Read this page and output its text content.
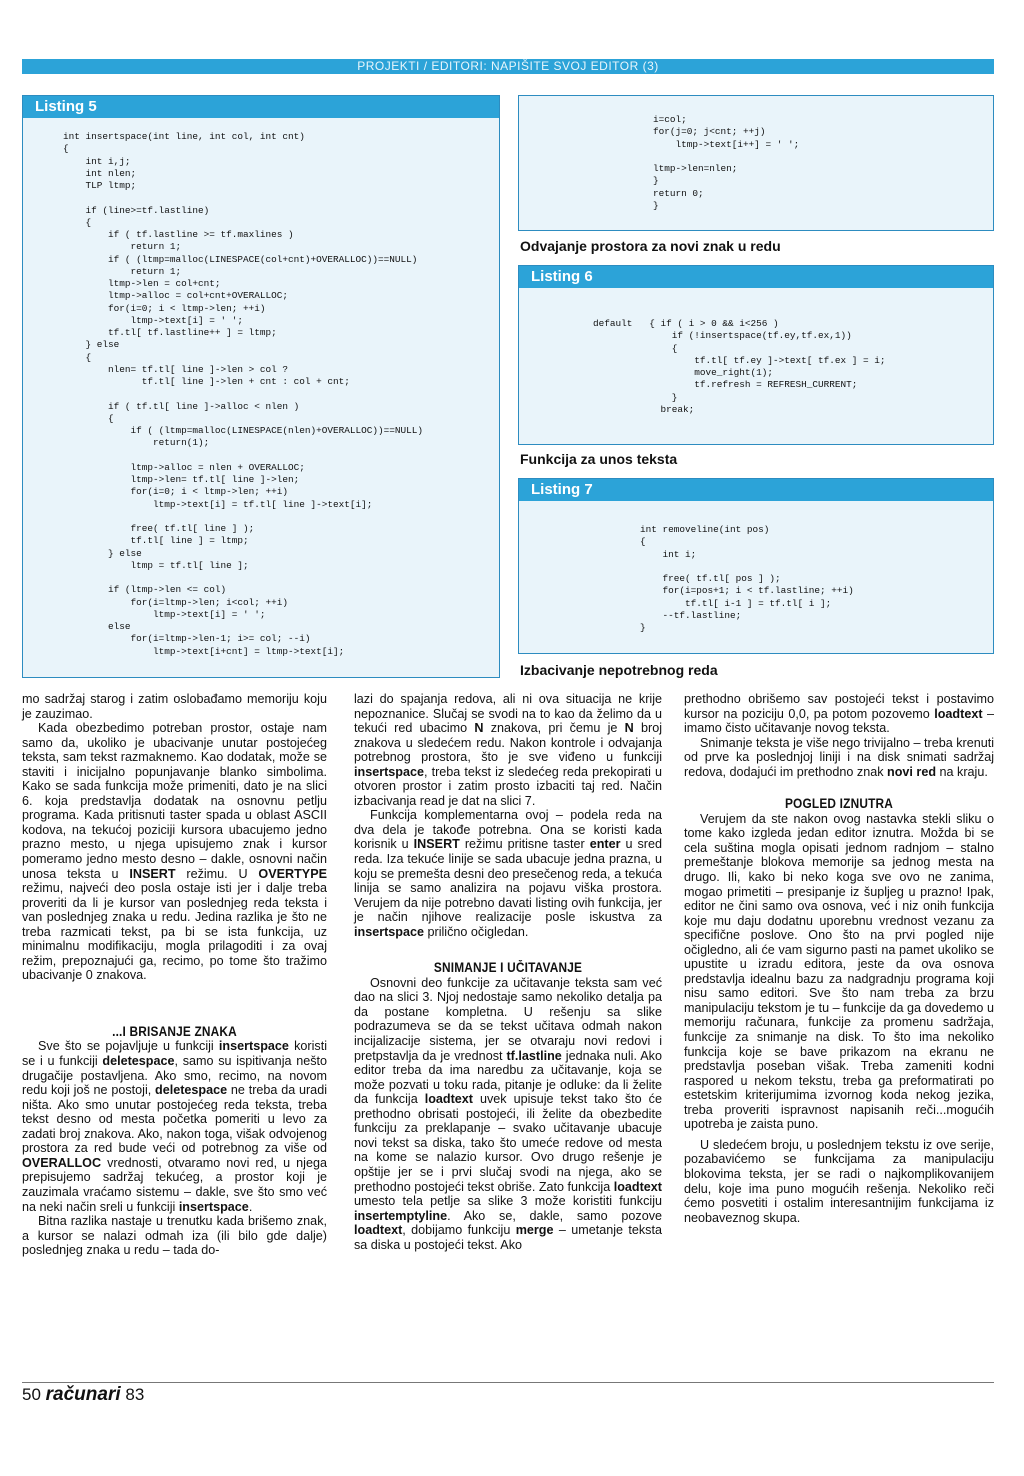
PROJEKTI / EDITORI: NAPIŠITE SVOJ EDITOR (3)
Listing 5
int insertspace(int line, int col, int cnt)
{
int i,j;
int nlen;
TLP ltmp;

if (line>=tf.lastline)
{
if ( tf.lastline >= tf.maxlines )
return 1;
if ( (ltmp=malloc(LINESPACE(col+cnt)+OVERALLOC))==NULL)
return 1;
ltmp->len = col+cnt;
ltmp->alloc = col+cnt+OVERALLOC;
for(i=0; i < ltmp->len; ++i)
ltmp->text[i] = ' ';
tf.tl[ tf.lastline++ ] = ltmp;
} else
{
nlen= tf.tl[ line ]->len > col ?
tf.tl[ line ]->len + cnt : col + cnt;

if ( tf.tl[ line ]->alloc < nlen )
{
if ( (ltmp=malloc(LINESPACE(nlen)+OVERALLOC))==NULL)
return(1);

ltmp->alloc = nlen + OVERALLOC;
ltmp->len= tf.tl[ line ]->len;
for(i=0; i < ltmp->len; ++i)
ltmp->text[i] = tf.tl[ line ]->text[i];

free( tf.tl[ line ] );
tf.tl[ line ] = ltmp;
} else
ltmp = tf.tl[ line ];

if (ltmp->len <= col)
for(i=ltmp->len; i<col; ++i)
ltmp->text[i] = ' ';
else
for(i=ltmp->len-1; i>= col; --i)
ltmp->text[i+cnt] = ltmp->text[i];
i=col;
for(j=0; j<cnt; ++j)
ltmp->text[i++] = ' ';

ltmp->len=nlen;
}
return 0;
}
Odvajanje prostora za novi znak u redu
Listing 6
default   { if ( i > 0 && i<256 )
if (!insertspace(tf.ey,tf.ex,1))
{
tf.tl[ tf.ey ]->text[ tf.ex ] = i;
move_right(1);
tf.refresh = REFRESH_CURRENT;
}
break;
Funkcija za unos teksta
Listing 7
int removeline(int pos)
{
int i;

free( tf.tl[ pos ] );
for(i=pos+1; i < tf.lastline; ++i)
tf.tl[ i-1 ] = tf.tl[ i ];
--tf.lastline;
}
Izbacivanje nepotrebnog reda

mo sadržaj starog i zatim oslobađamo memoriju koju je zauzimao.

Kada obezbedimo potreban prostor, ostaje nam samo da, ukoliko je ubacivanje unutar postojećeg teksta, sam tekst razmaknemo. Kao dodatak, može se staviti i inicijalno popunjavanje blanko simbolima. Kako se sada funkcija može primeniti, dato je na slici 6. koja predstavlja dodatak na osnovnu petlju programa. Kada pritisnuti taster spada u oblast ASCII kodova, na tekućoj poziciji kursora ubacujemo jedno prazno mesto, u njega upisujemo znak i kursor pomeramo jedno mesto desno – dakle, osnovni način unosa teksta u INSERT režimu. U OVERTYPE režimu, najveći deo posla ostaje isti jer i dalje treba proveriti da li je kursor van poslednjeg reda teksta i van poslednjeg znaka u redu. Jedina razlika je što ne treba razmicati tekst, pa bi se ista funkcija, uz minimalnu modifikaciju, mogla prilagoditi i za ovaj režim, prepoznajući ga, recimo, po tome što tražimo ubacivanje 0 znakova.

...I BRISANJE ZNAKA

Sve što se pojavljuje u funkciji insertspace koristi se i u funkciji deletespace, samo su ispitivanja nešto drugačije postavljena. Ako smo, recimo, na novom redu koji još ne postoji, deletespace ne treba da uradi ništa. Ako smo unutar postojećeg reda teksta, treba tekst desno od mesta početka pomeriti u levo za zadati broj znakova. Ako, nakon toga, višak odvojenog prostora za red bude veći od potrebnog za više od OVERALLOC vrednosti, otvaramo novi red, u njega prepisujemo sadržaj tekućeg, a prostor koji je zauzimala vraćamo sistemu – dakle, sve što smo već na neki način sreli u funkciji insertspace.

Bitna razlika nastaje u trenutku kada brišemo znak, a kursor se nalazi odmah iza (ili bilo gde dalje) poslednjeg znaka u redu – tada do-

lazi do spajanja redova, ali ni ova situacija ne krije nepoznanice. Slučaj se svodi na to kao da želimo da u tekući red ubacimo N znakova, pri čemu je N broj znakova u sledećem redu. Nakon kontrole i odvajanja potrebnog prostora, što je sve viđeno u funkciji insertspace, treba tekst iz sledećeg reda prekopirati u otvoren prostor i zatim prosto izbaciti taj red. Način izbacivanja read je dat na slici 7.

Funkcija komplementarna ovoj – podela reda na dva dela je takođe potrebna. Ona se koristi kada korisnik u INSERT režimu pritisne taster enter u sred reda. Iza tekuće linije se sada ubacuje jedna prazna, u koju se premešta desni deo presečenog reda, a tekuća linija se samo analizira na pojavu viška prostora. Verujem da nije potrebno davati listing ovih funkcija, jer je način njihove realizacije posle iskustva za insertspace prilično očigledan.

SNIMANJE I UČITAVANJE

Osnovni deo funkcije za učitavanje teksta sam već dao na slici 3. Njoj nedostaje samo nekoliko detalja pa da postane kompletna. U rešenju sa slike podrazumeva se da se tekst učitava odmah nakon incijalizacije sistema, jer se otvaraju novi redovi i pretpstavlja da je vrednost tf.lastline jednaka nuli. Ako editor treba da ima naredbu za učitavanje, koja se može pozvati u toku rada, pitanje je odluke: da li želite da funkcija loadtext uvek upisuje tekst tako što će prethodno obrisati postojeći, ili želite da obezbedite funkciju za preklapanje – svako učitavanje ubacuje novi tekst sa diska, tako što umeće redove od mesta na kome se nalazio kursor. Ovo drugo rešenje je opštije jer se i prvi slučaj svodi na njega, ako se prethodno postojeći tekst obriše. Zato funkcija loadtext umesto tela petlje sa slike 3 može koristiti funkciju insertemptyline. Ako se, dakle, samo pozove loadtext, dobijamo funkciju merge – umetanje teksta sa diska u postojeći tekst. Ako

prethodno obrišemo sav postojeći tekst i postavimo kursor na poziciju 0,0, pa potom pozovemo loadtext – imamo čisto učitavanje novog teksta.

Snimanje teksta je više nego trivijalno – treba krenuti od prve ka poslednjoj liniji i na disk snimati sadržaj redova, dodajući im prethodno znak novi red na kraju.

POGLED IZNUTRA

Verujem da ste nakon ovog nastavka stekli sliku o tome kako izgleda jedan editor iznutra. Možda bi se cela suština mogla opisati jednom radnjom – stalno premeštanje blokova memorije sa jednog mesta na drugo. Ili, kako bi neko koga sve ovo ne zanima, mogao primetiti – presipanje iz šupljeg u prazno! Ipak, editor ne čini samo ova osnova, već i niz onih funkcija koje mu daju dodatnu uporebnu vrednost vezanu za specifične poslove. Ono što na prvi pogled nije očigledno, ali će vam sigurno pasti na pamet ukoliko se upustite u izradu editora, jeste da ova osnova predstavlja idealnu bazu za nadgradnju programa koji nisu samo editori. Sve što nam treba za brzu manipulaciju tekstom je tu – funkcije da ga dovedemo u memoriju računara, funkcije za promenu sadržaja, funkcije za snimanje na disk. To što ima nekoliko funkcija koje se bave prikazom na ekranu ne predstavlja poseban višak. Treba zameniti kodni raspored u nekom tekstu, treba ga preformatirati po estetskim kriterijumima izvornog koda nekog jezika, treba proveriti ispravnost napisanih reči...mogućih upotreba je zaista puno.

U sledećem broju, u poslednjem tekstu iz ove serije, pozabavićemo se funkcijama za manipulaciju blokovima teksta, jer se radi o najkomplikovanijem delu, koje ima puno mogućih rešenja. Nekoliko reči ćemo posvetiti i ostalim interesantnijim funkcijama iz neobaveznog skupa.

50 računari 83
